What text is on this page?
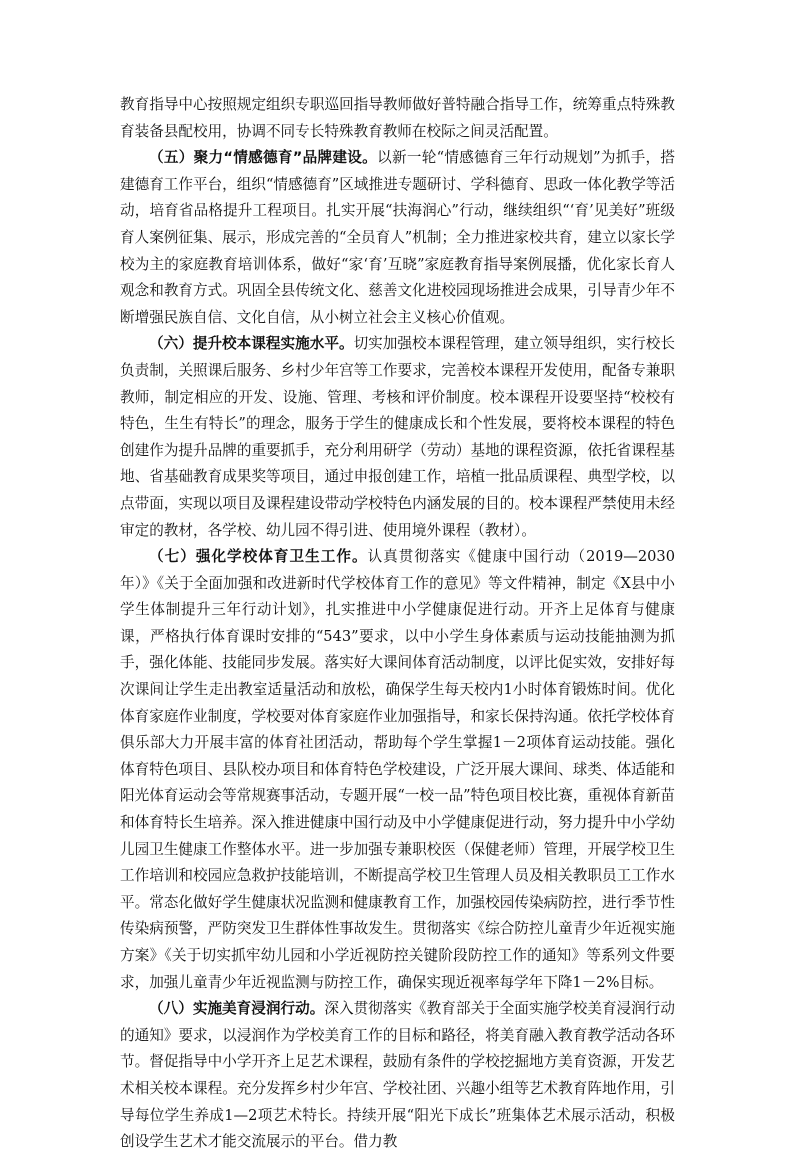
教育指导中心按照规定组织专职巡回指导教师做好普特融合指导工作，统筹重点特殊教育装备县配校用，协调不同专长特殊教育教师在校际之间灵活配置。

（五）聚力“情感德育”品牌建设。以新一轮“情感德育三年行动规划”为抓手，搭建德育工作平台，组织“情感德育”区域推进专题研讨、学科德育、思政一体化教学等活动，培育省品格提升工程项目。扎实开展“扶海润心”行动，继续组织“‘育’见美好”班级育人案例征集、展示，形成完善的“全员育人”机制；全力推进家校共育，建立以家长学校为主的家庭教育培训体系，做好“家‘育’互晓”家庭教育指导案例展播，优化家长育人观念和教育方式。巩固全县传统文化、慈善文化进校园现场推进会成果，引导青少年不断增强民族自信、文化自信，从小树立社会主义核心价值观。

（六）提升校本课程实施水平。切实加强校本课程管理，建立领导组织，实行校长负责制，关照课后服务、乡村少年宫等工作要求，完善校本课程开发使用，配备专兼职教师，制定相应的开发、设施、管理、考核和评价制度。校本课程开设要坚持“校校有特色，生生有特长”的理念，服务于学生的健康成长和个性发展，要将校本课程的特色创建作为提升品牌的重要抓手，充分利用研学（劳动）基地的课程资源，依托省课程基地、省基础教育成果奖等项目，通过申报创建工作，培植一批品质课程、典型学校，以点带面，实现以项目及课程建设带动学校特色内涵发展的目的。校本课程严禁使用未经审定的教材，各学校、幼儿园不得引进、使用境外课程（教材）。

（七）强化学校体育卫生工作。认真贯彻落实《健康中国行动（2019—2030年）》《关于全面加强和改进新时代学校体育工作的意见》等文件精神，制定《X县中小学生体制提升三年行动计划》，扎实推进中小学健康促进行动。开齐上足体育与健康课，严格执行体育课时安排的“543”要求，以中小学生身体素质与运动技能抽测为抓手，强化体能、技能同步发展。落实好大课间体育活动制度，以评比促实效，安排好每次课间让学生走出教室适量活动和放松，确保学生每天校内1小时体育锻炼时间。优化体育家庭作业制度，学校要对体育家庭作业加强指导，和家长保持沟通。依托学校体育俱乐部大力开展丰富的体育社团活动，帮助每个学生掌握1－2项体育运动技能。强化体育特色项目、县队校办项目和体育特色学校建设，广泛开展大课间、球类、体适能和阳光体育运动会等常规赛事活动，专题开展“一校一品”特色项目校比赛，重视体育新苗和体育特长生培养。深入推进健康中国行动及中小学健康促进行动，努力提升中小学幼儿园卫生健康工作整体水平。进一步加强专兼职校医（保健老师）管理，开展学校卫生工作培训和校园应急救护技能培训，不断提高学校卫生管理人员及相关教职员工工作水平。常态化做好学生健康状况监测和健康教育工作，加强校园传染病防控，进行季节性传染病预警，严防突发卫生群体性事故发生。贯彻落实《综合防控儿童青少年近视实施方案》《关于切实抓牢幼儿园和小学近视防控关键阶段防控工作的通知》等系列文件要求，加强儿童青少年近视监测与防控工作，确保实现近视率每学年下降1－2%目标。

（八）实施美育浸润行动。深入贯彻落实《教育部关于全面实施学校美育浸润行动的通知》要求，以浸润作为学校美育工作的目标和路径，将美育融入教育教学活动各环节。督促指导中小学开齐上足艺术课程，鼓励有条件的学校挖掘地方美育资源，开发艺术相关校本课程。充分发挥乡村少年宫、学校社团、兴趣小组等艺术教育阵地作用，引导每位学生养成1—2项艺术特长。持续开展“阳光下成长”班集体艺术展示活动，积极创设学生艺术才能交流展示的平台。借力教
